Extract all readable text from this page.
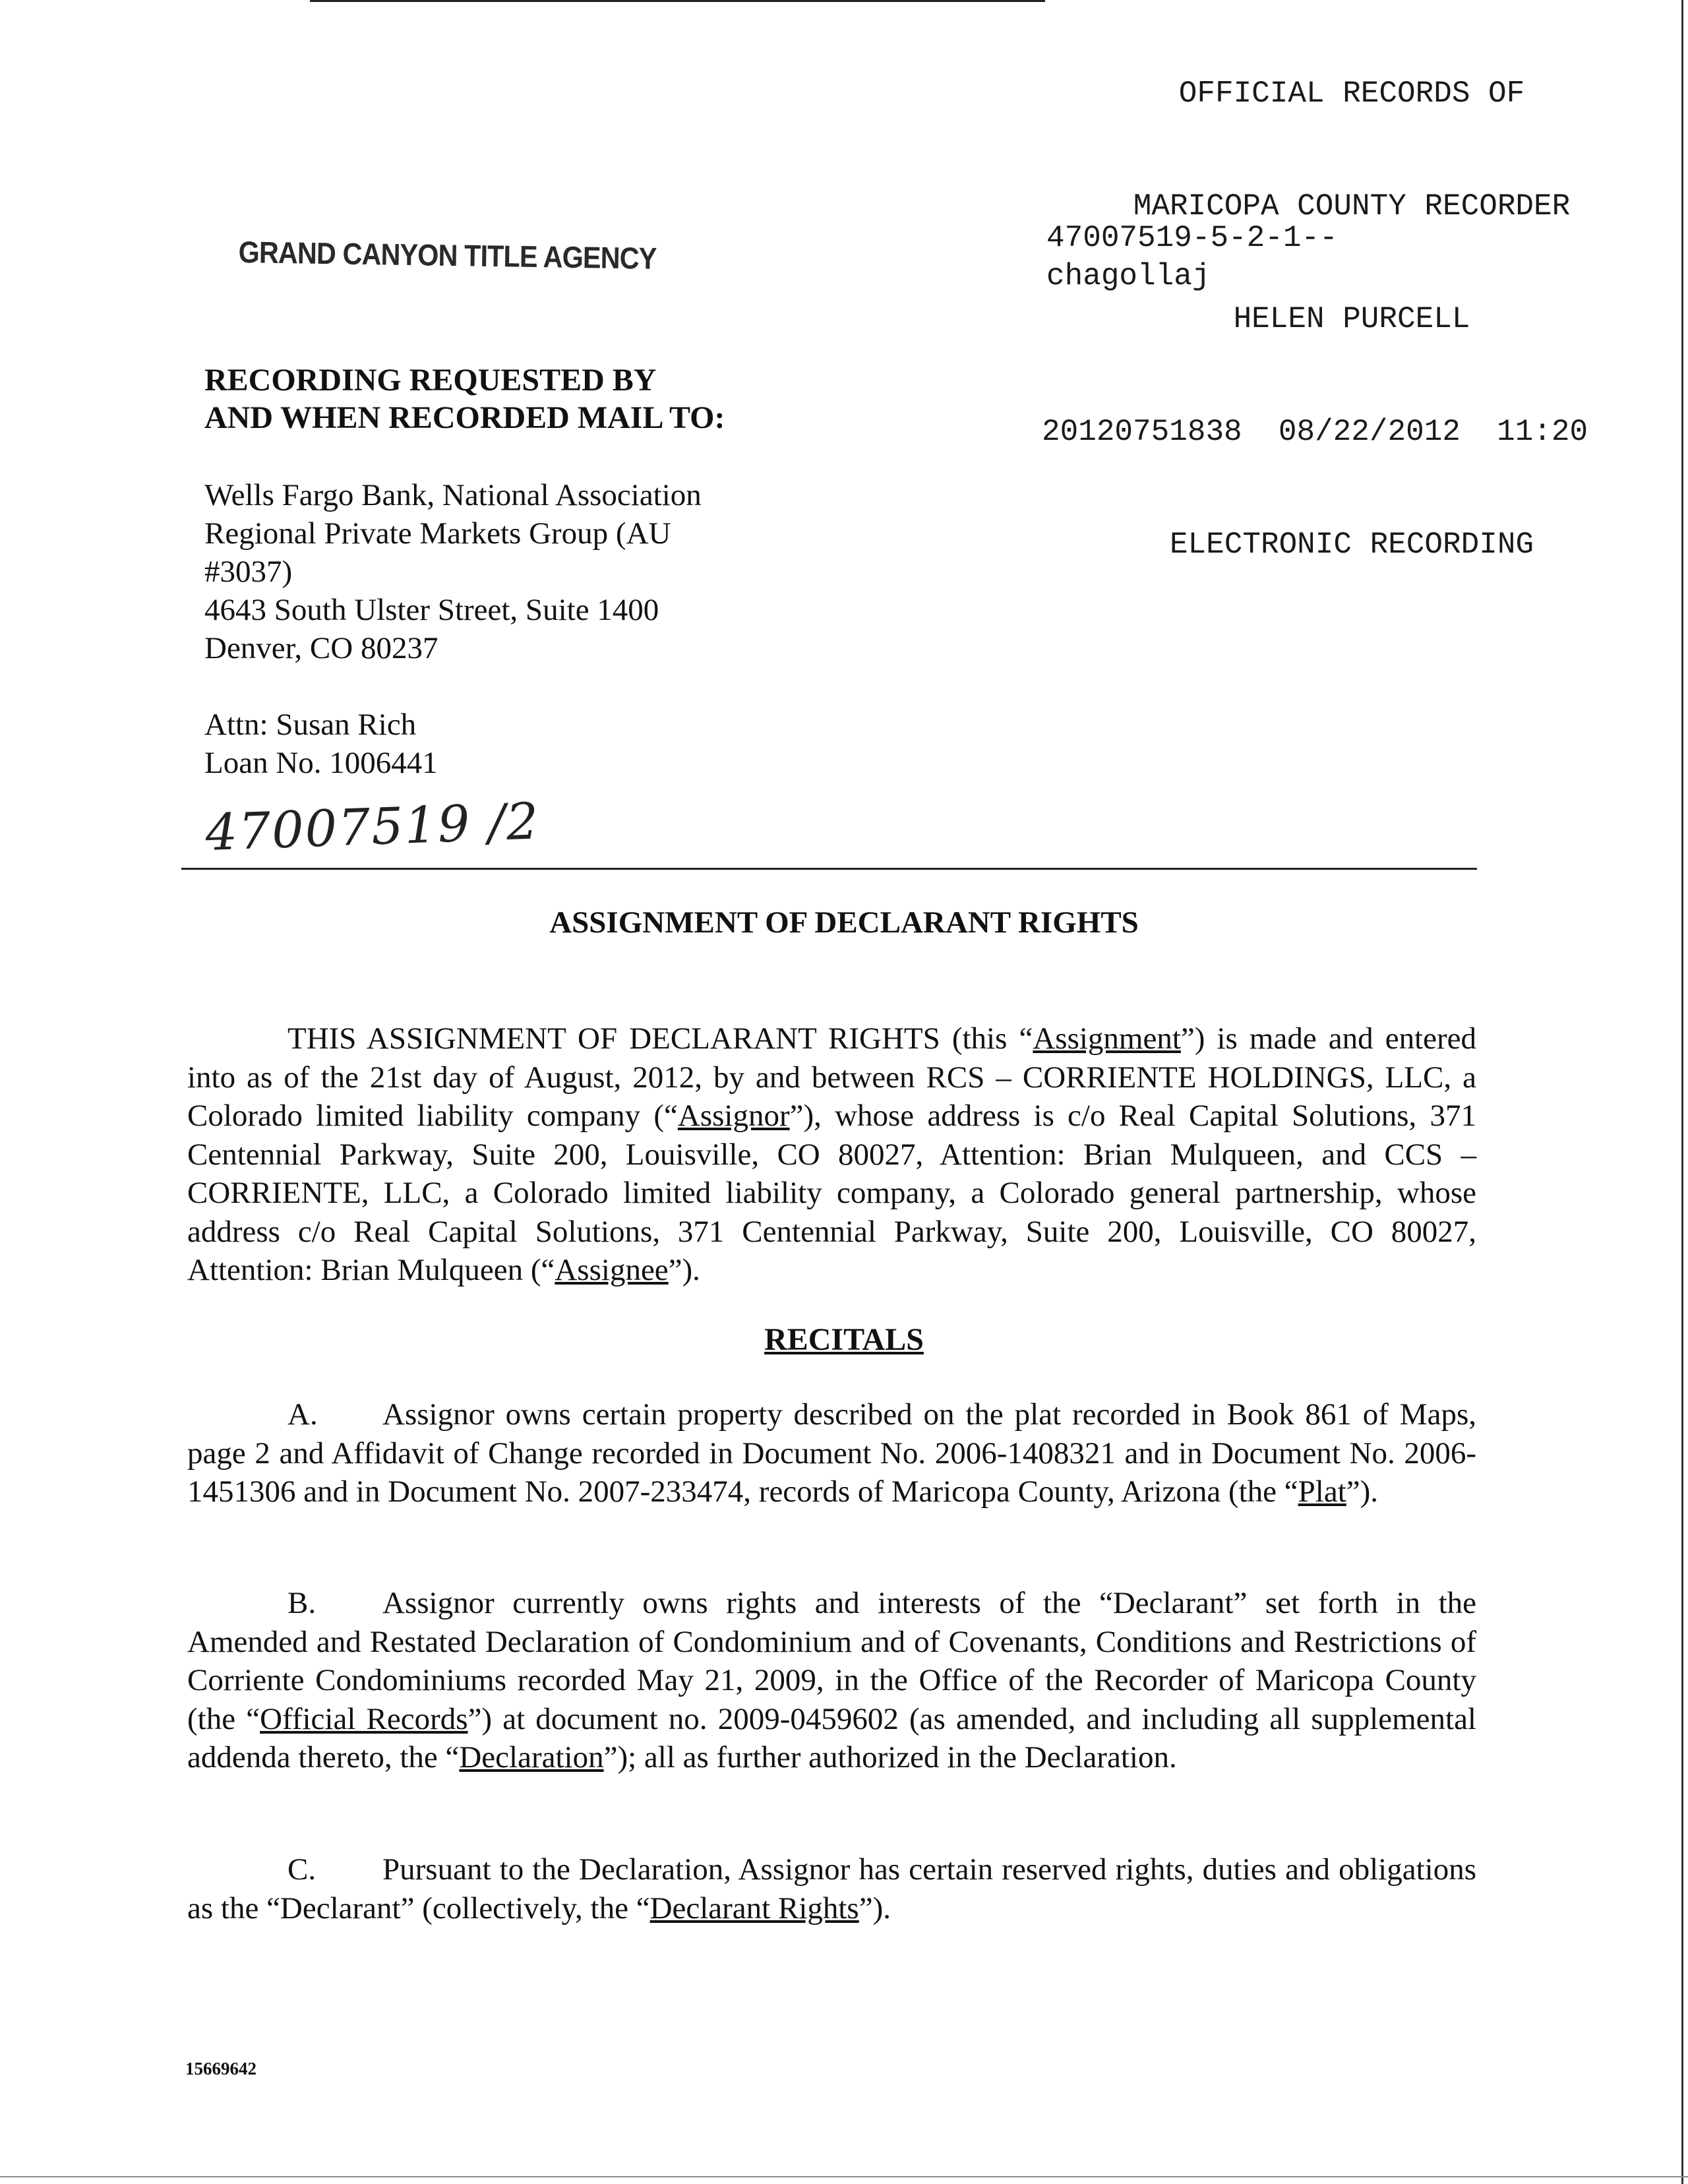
OFFICIAL RECORDS OF

MARICOPA COUNTY RECORDER

HELEN PURCELL

20120751838  08/22/2012  11:20

ELECTRONIC RECORDING

GRAND CANYON TITLE AGENCY	47007519-5-2-1--
chagollaj
RECORDING REQUESTED BY
AND WHEN RECORDED MAIL TO:
Wells Fargo Bank, National Association
Regional Private Markets Group (AU
#3037)
4643 South Ulster Street, Suite 1400
Denver, CO 80237
Attn: Susan Rich
Loan No. 1006441
47007519 /2
ASSIGNMENT OF DECLARANT RIGHTS

THIS ASSIGNMENT OF DECLARANT RIGHTS (this “Assignment”) is made and entered into as of the 21st day of August, 2012, by and between RCS – CORRIENTE HOLDINGS, LLC, a Colorado limited liability company (“Assignor”), whose address is c/o Real Capital Solutions, 371 Centennial Parkway, Suite 200, Louisville, CO 80027, Attention: Brian Mulqueen, and CCS – CORRIENTE, LLC, a Colorado limited liability company, a Colorado general partnership, whose address c/o Real Capital Solutions, 371 Centennial Parkway, Suite 200, Louisville, CO 80027, Attention: Brian Mulqueen (“Assignee”).

RECITALS

A. Assignor owns certain property described on the plat recorded in Book 861 of Maps, page 2 and Affidavit of Change recorded in Document No. 2006-1408321 and in Document No. 2006-1451306 and in Document No. 2007-233474, records of Maricopa County, Arizona (the “Plat”).

B. Assignor currently owns rights and interests of the “Declarant” set forth in the Amended and Restated Declaration of Condominium and of Covenants, Conditions and Restrictions of Corriente Condominiums recorded May 21, 2009, in the Office of the Recorder of Maricopa County (the “Official Records”) at document no. 2009-0459602 (as amended, and including all supplemental addenda thereto, the “Declaration”); all as further authorized in the Declaration.

C. Pursuant to the Declaration, Assignor has certain reserved rights, duties and obligations as the “Declarant” (collectively, the “Declarant Rights”).

15669642
